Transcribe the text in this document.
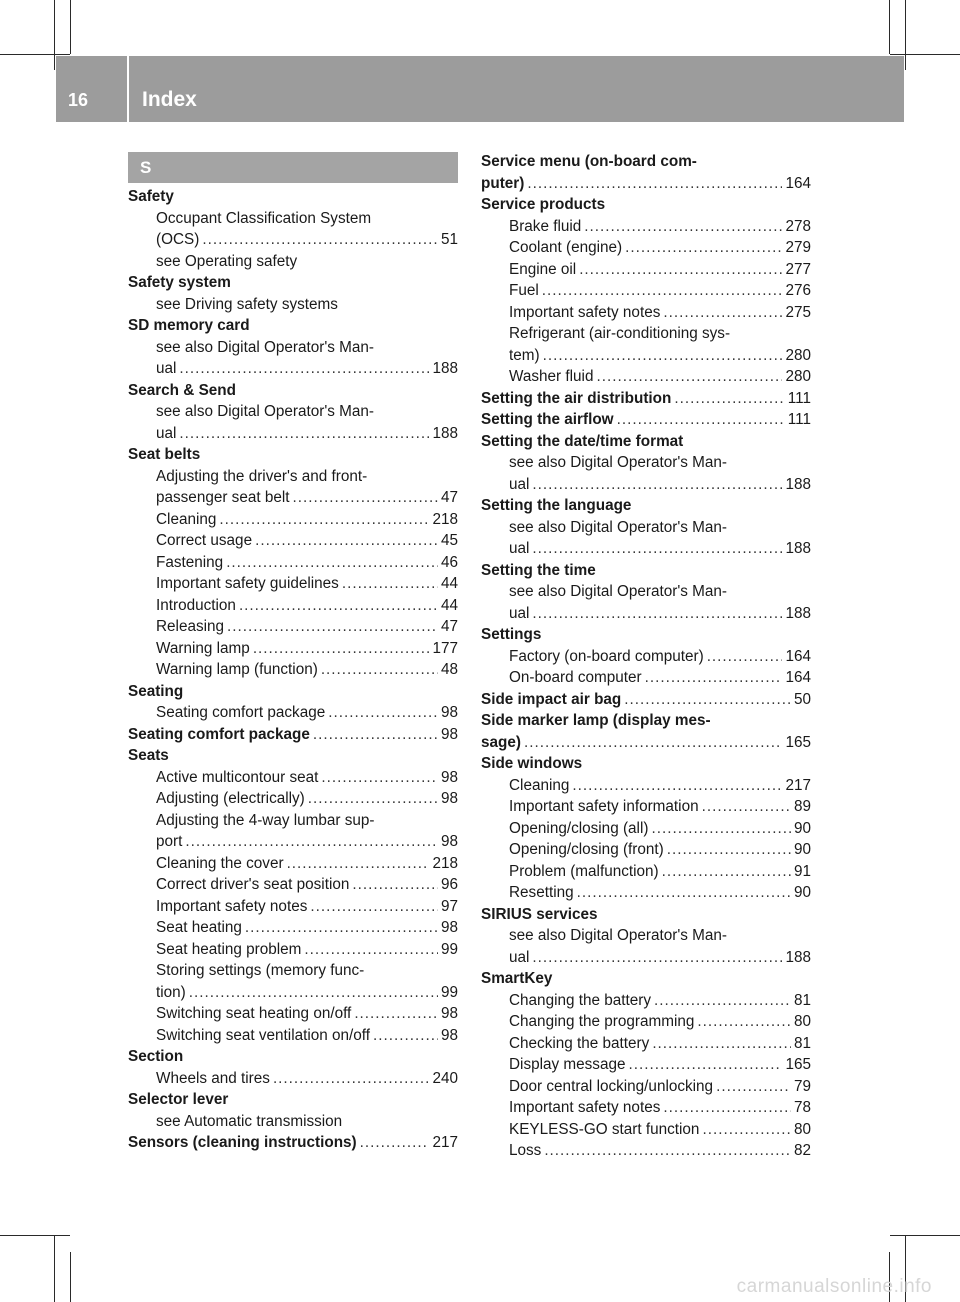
16	Index
S
Safety
Occupant Classification System
(OCS) .....	51
see Operating safety
Safety system
see Driving safety systems
SD memory card
see also Digital Operator's Man-
ual .....	188
Search & Send
see also Digital Operator's Man-
ual .....	188
Seat belts
Adjusting the driver's and front-
passenger seat belt .....	47
Cleaning .....	218
Correct usage .....	45
Fastening .....	46
Important safety guidelines .....	44
Introduction .....	44
Releasing .....	47
Warning lamp .....	177
Warning lamp (function) .....	48
Seating
Seating comfort package .....	98
Seating comfort package .....	98
Seats
Active multicontour seat .....	98
Adjusting (electrically) .....	98
Adjusting the 4-way lumbar sup-
port .....	98
Cleaning the cover .....	218
Correct driver's seat position .....	96
Important safety notes .....	97
Seat heating .....	98
Seat heating problem .....	99
Storing settings (memory func-
tion) .....	99
Switching seat heating on/off .....	98
Switching seat ventilation on/off .....	98
Section
Wheels and tires .....	240
Selector lever
see Automatic transmission
Sensors (cleaning instructions) .....	217
Service menu (on-board com-
puter) .....	164
Service products
Brake fluid .....	278
Coolant (engine) .....	279
Engine oil .....	277
Fuel .....	276
Important safety notes .....	275
Refrigerant (air-conditioning sys-
tem) .....	280
Washer fluid .....	280
Setting the air distribution .....	111
Setting the airflow .....	111
Setting the date/time format
see also Digital Operator's Man-
ual .....	188
Setting the language
see also Digital Operator's Man-
ual .....	188
Setting the time
see also Digital Operator's Man-
ual .....	188
Settings
Factory (on-board computer) .....	164
On-board computer .....	164
Side impact air bag .....	50
Side marker lamp (display mes-
sage) .....	165
Side windows
Cleaning .....	217
Important safety information .....	89
Opening/closing (all) .....	90
Opening/closing (front) .....	90
Problem (malfunction) .....	91
Resetting .....	90
SIRIUS services
see also Digital Operator's Man-
ual .....	188
SmartKey
Changing the battery .....	81
Changing the programming .....	80
Checking the battery .....	81
Display message .....	165
Door central locking/unlocking .....	79
Important safety notes .....	78
KEYLESS-GO start function .....	80
Loss .....	82
carmanualsonline.info
